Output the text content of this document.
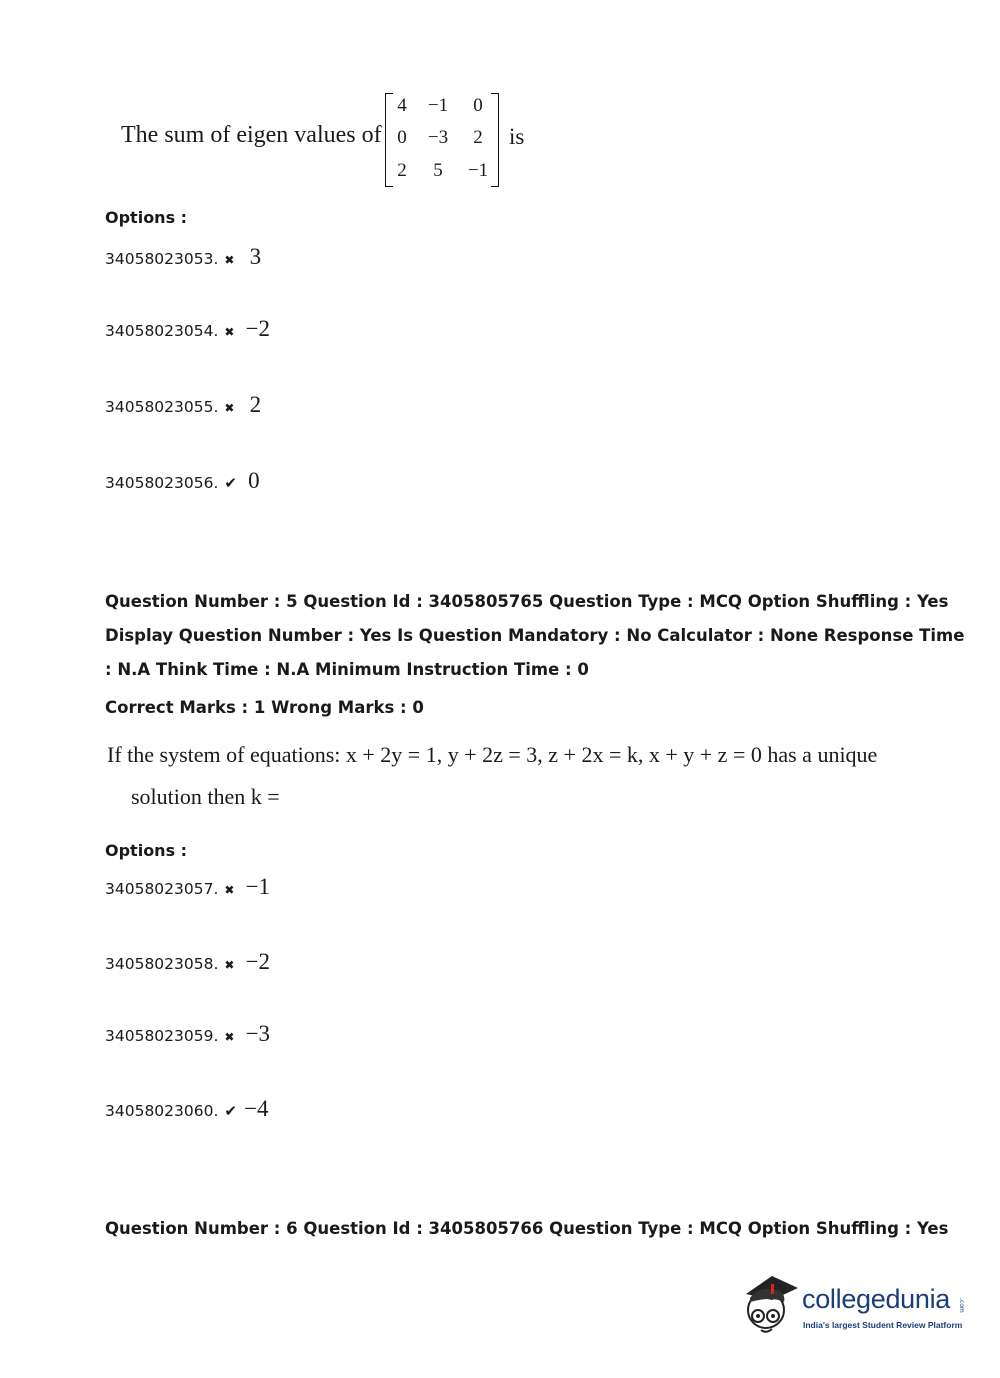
The sum of eigen values of
4	−1	0
0	−3	2
2	5	−1
is
Options :
34058023053. ✖ 3
34058023054. ✖ −2
34058023055. ✖ 2
34058023056. ✔ 0
Question Number : 5 Question Id : 3405805765 Question Type : MCQ Option Shuffling : Yes
Display Question Number : Yes Is Question Mandatory : No Calculator : None Response Time
: N.A Think Time : N.A Minimum Instruction Time : 0
Correct Marks : 1 Wrong Marks : 0
If the system of equations: x + 2y = 1, y + 2z = 3, z + 2x = k, x + y + z = 0 has a unique
solution then k =
Options :
34058023057. ✖ −1
34058023058. ✖ −2
34058023059. ✖ −3
34058023060. ✔ −4
Question Number : 6 Question Id : 3405805766 Question Type : MCQ Option Shuffling : Yes
collegedunia .com
India's largest Student Review Platform
